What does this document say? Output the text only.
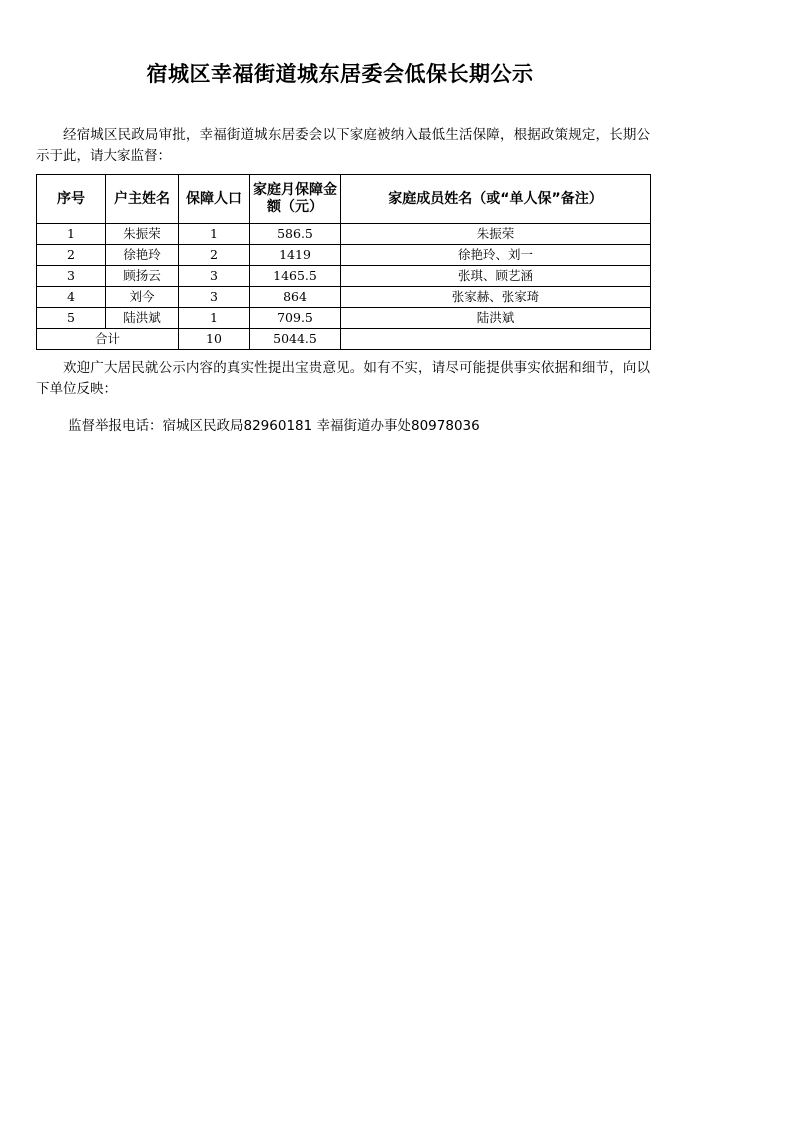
宿城区幸福街道城东居委会低保长期公示
经宿城区民政局审批，幸福街道城东居委会以下家庭被纳入最低生活保障，根据政策规定，长期公示于此，请大家监督：
序号	户主姓名	保障人口	家庭月保障金额（元）	家庭成员姓名（或“单人保”备注）
1	朱振荣	1	586.5	朱振荣
2	徐艳玲	2	1419	徐艳玲、刘一
3	顾扬云	3	1465.5	张琪、顾艺涵
4	刘今	3	864	张家赫、张家琦
5	陆洪斌	1	709.5	陆洪斌
合计		10	5044.5	
欢迎广大居民就公示内容的真实性提出宝贵意见。如有不实，请尽可能提供事实依据和细节，向以下单位反映：
监督举报电话：宿城区民政局82960181 幸福街道办事处80978036
